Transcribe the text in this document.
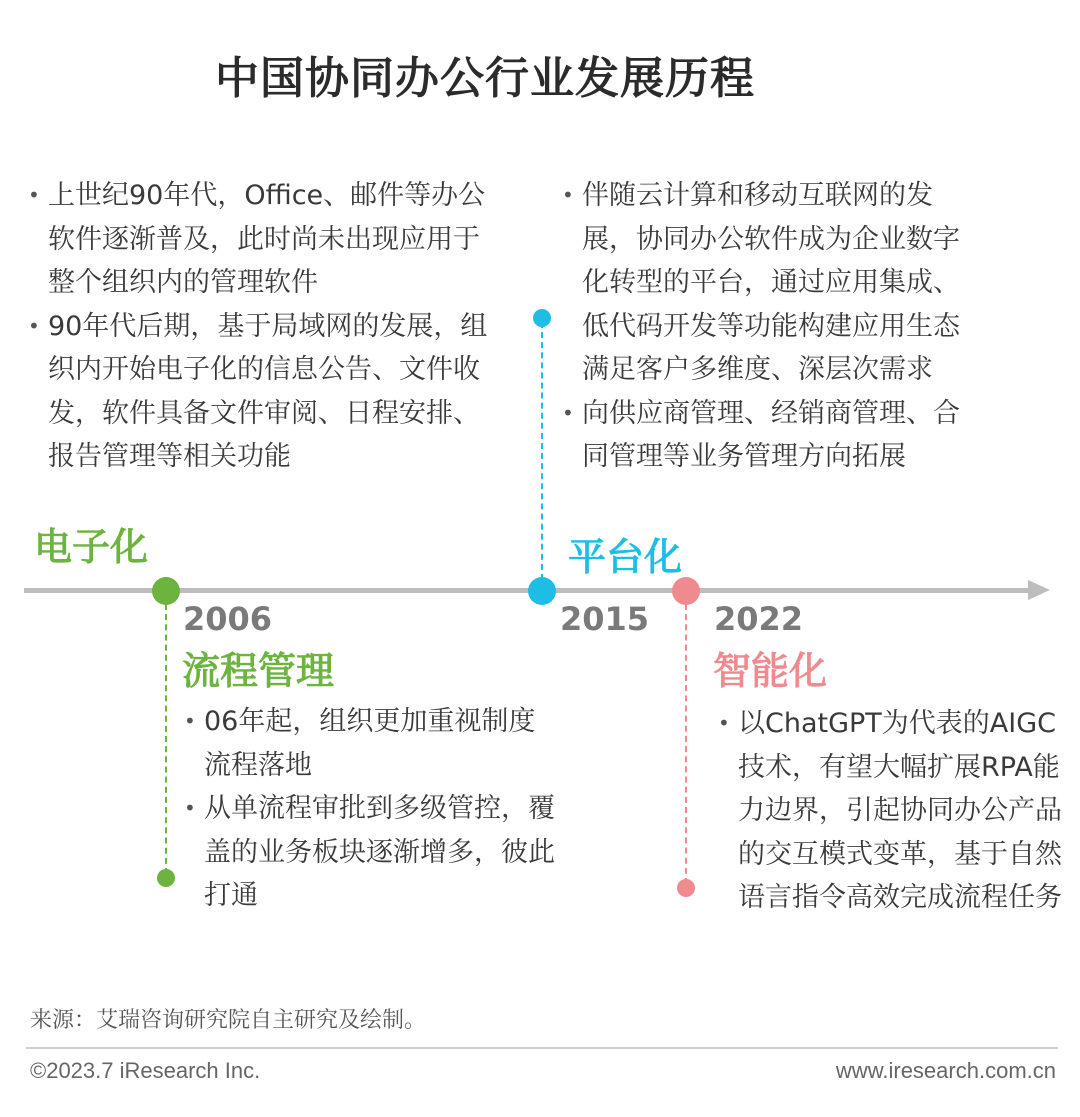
中国协同办公行业发展历程
• 上世纪90年代，Office、邮件等办公软件逐渐普及，此时尚未出现应用于整个组织内的管理软件
• 90年代后期，基于局域网的发展，组织内开始电子化的信息公告、文件收发，软件具备文件审阅、日程安排、报告管理等相关功能
电子化
• 伴随云计算和移动互联网的发展，协同办公软件成为企业数字化转型的平台，通过应用集成、低代码开发等功能构建应用生态满足客户多维度、深层次需求
• 向供应商管理、经销商管理、合同管理等业务管理方向拓展
平台化
2006
流程管理
• 06年起，组织更加重视制度流程落地
• 从单流程审批到多级管控，覆盖的业务板块逐渐增多，彼此打通
2015 2022
智能化
• 以ChatGPT为代表的AIGC技术，有望大幅扩展RPA能力边界，引起协同办公产品的交互模式变革，基于自然语言指令高效完成流程任务
来源：艾瑞咨询研究院自主研究及绘制。
©2023.7 iResearch Inc.	www.iresearch.com.cn
